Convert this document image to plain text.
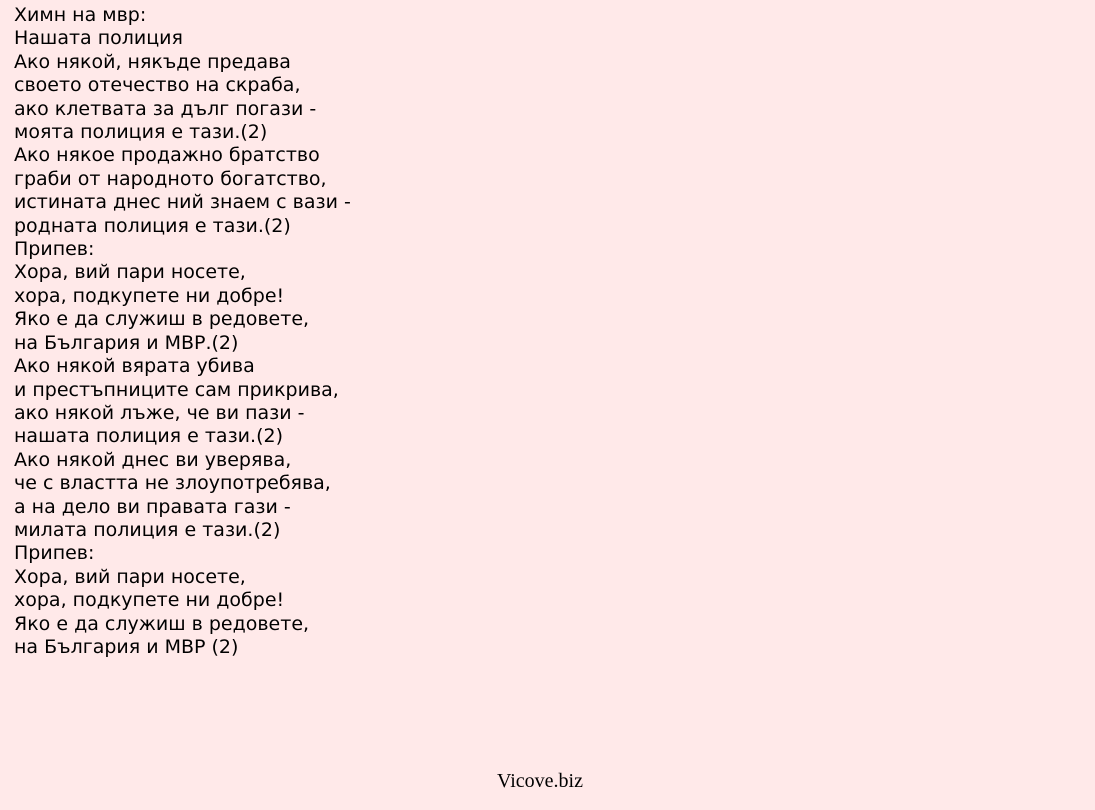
Химн на мвр:
Нашата полиция
Ако някой, някъде предава
своето отечество на скраба,
ако клетвата за дълг погази -
моята полиция е тази.(2)
Ако някое продажно братство
граби от народното богатство,
истината днес ний знаем с вази -
родната полиция е тази.(2)
Припев:
Хора, вий пари носете,
хора, подкупете ни добре!
Яко е да служиш в редовете,
на България и МВР.(2)
Ако някой вярата убива
и престъпниците сам прикрива,
ако някой лъже, че ви пази -
нашата полиция е тази.(2)
Ако някой днес ви уверява,
че с властта не злоупотребява,
а на дело ви правата гази -
милата полиция е тази.(2)
Припев:
Хора, вий пари носете,
хора, подкупете ни добре!
Яко е да служиш в редовете,
на България и МВР (2)
Vicove.biz
